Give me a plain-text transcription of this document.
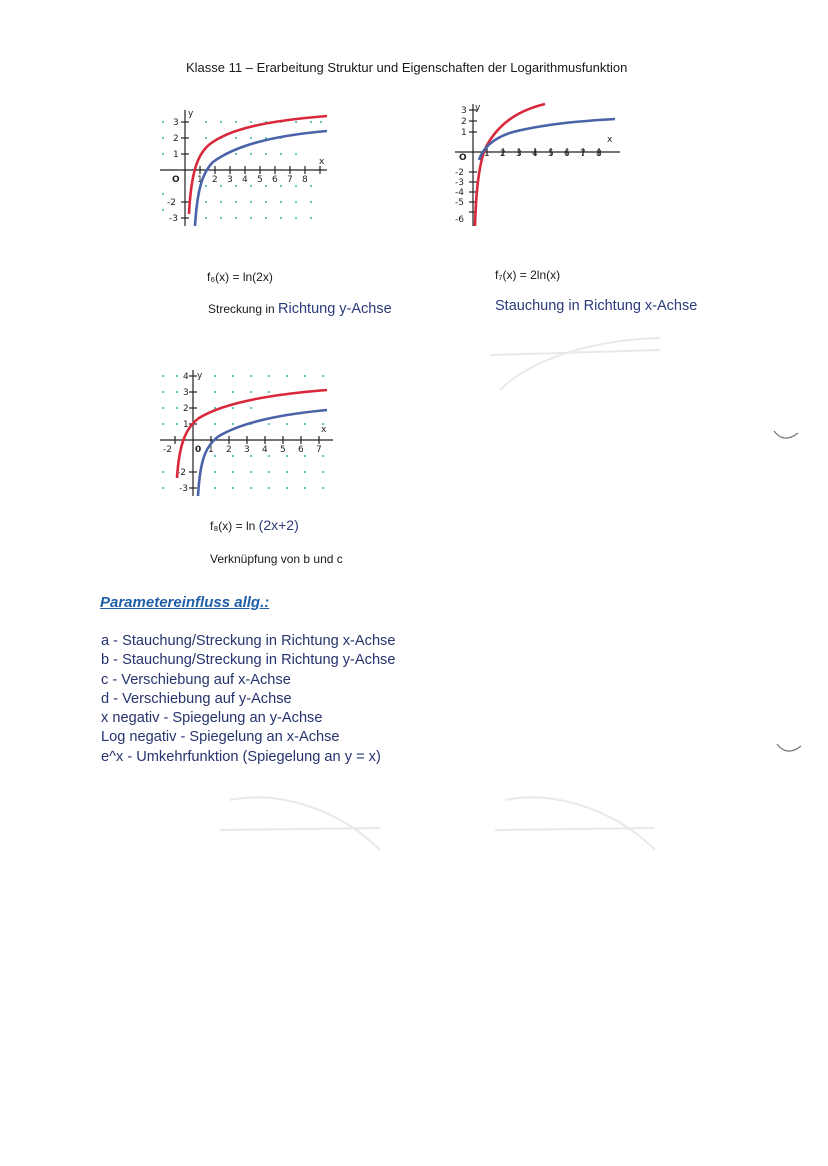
Klasse 11 – Erarbeitung Struktur und Eigenschaften der Logarithmusfunktion
y
3
2
1
O
-2
-3
1 2 3 4 5 6 7 8
x
y
3
2
1
O
-2
-3
-4
-5
-6
1 2 3 4 5 6 7 8
x
f₆(x) = ln(2x)
Streckung in Richtung y-Achse
f₇(x) = 2ln(x)
Stauchung in Richtung x-Achse
y
4
3
2
1
-2
-3
-2	0 1 2 3 4 5 6 7
x
f₈(x) = ln (2x+2)
Verknüpfung von b und c
Parametereinfluss allg.:
a - Stauchung/Streckung in Richtung x-Achse
b - Stauchung/Streckung in Richtung y-Achse
c - Verschiebung auf x-Achse
d - Verschiebung auf y-Achse
x negativ - Spiegelung an y-Achse
Log negativ - Spiegelung an x-Achse
e^x - Umkehrfunktion (Spiegelung an y = x)
